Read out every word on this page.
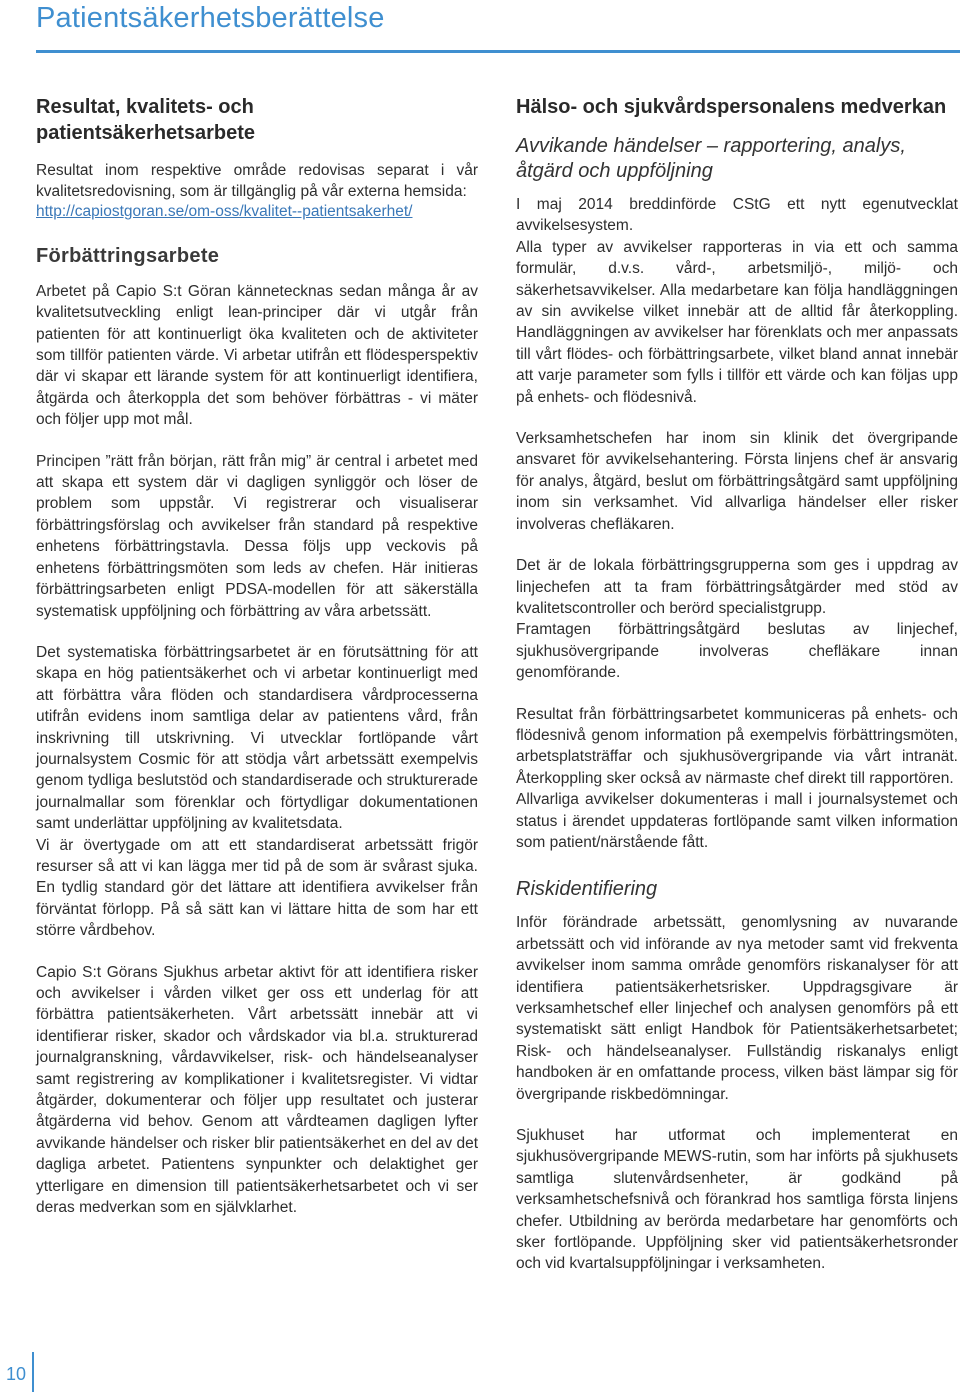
Patientsäkerhetsberättelse
Resultat, kvalitets- och patientsäkerhetsarbete

Resultat inom respektive område redovisas separat i vår kvalitetsredovisning, som är tillgänglig på vår externa hemsida:

http://capiostgoran.se/om-oss/kvalitet--patientsakerhet/
Förbättringsarbete

Arbetet på Capio S:t Göran kännetecknas sedan många år av kvalitetsutveckling enligt lean-principer där vi utgår från patienten för att kontinuerligt öka kvaliteten och de aktiviteter som tillför patienten värde. Vi arbetar utifrån ett flödesperspektiv där vi skapar ett lärande system för att kontinuerligt identifiera, åtgärda och återkoppla det som behöver förbättras - vi mäter och följer upp mot mål.

Principen ”rätt från början, rätt från mig” är central i arbetet med att skapa ett system där vi dagligen synliggör och löser de problem som uppstår. Vi registrerar och visualiserar förbättringsförslag och avvikelser från standard på respektive enhetens förbättringstavla. Dessa följs upp veckovis på enhetens förbättringsmöten som leds av chefen. Här initieras förbättringsarbeten enligt PDSA-modellen för att säkerställa systematisk uppföljning och förbättring av våra arbetssätt.

Det systematiska förbättringsarbetet är en förutsättning för att skapa en hög patientsäkerhet och vi arbetar kontinuerligt med att förbättra våra flöden och standardisera vårdprocesserna utifrån evidens inom samtliga delar av patientens vård, från inskrivning till utskrivning. Vi utvecklar fortlöpande vårt journalsystem Cosmic för att stödja vårt arbetssätt exempelvis genom tydliga beslutstöd och standardiserade och strukturerade journalmallar som förenklar och förtydligar dokumentationen samt underlättar uppföljning av kvalitetsdata.

Vi är övertygade om att ett standardiserat arbetssätt frigör resurser så att vi kan lägga mer tid på de som är svårast sjuka. En tydlig standard gör det lättare att identifiera avvikelser från förväntat förlopp. På så sätt kan vi lättare hitta de som har ett större vårdbehov.

Capio S:t Görans Sjukhus arbetar aktivt för att identifiera risker och avvikelser i vården vilket ger oss ett underlag för att förbättra patientsäkerheten. Vårt arbetssätt innebär att vi identifierar risker, skador och vårdskador via bl.a. strukturerad journalgranskning, vårdavvikelser, risk- och händelseanalyser samt registrering av komplikationer i kvalitetsregister. Vi vidtar åtgärder, dokumenterar och följer upp resultatet och justerar åtgärderna vid behov. Genom att vårdteamen dagligen lyfter avvikande händelser och risker blir patientsäkerhet en del av det dagliga arbetet. Patientens synpunkter och delaktighet ger ytterligare en dimension till patientsäkerhetsarbetet och vi ser deras medverkan som en självklarhet.

Hälso- och sjukvårdspersonalens medverkan
Avvikande händelser – rapportering, analys, åtgärd och uppföljning

I maj 2014 breddinförde CStG ett nytt egenutvecklat avvikelsesystem.

Alla typer av avvikelser rapporteras in via ett och samma formulär, d.v.s. vård-, arbetsmiljö-, miljö- och säkerhetsavvikelser. Alla medarbetare kan följa handläggningen av sin avvikelse vilket innebär att de alltid får återkoppling. Handläggningen av avvikelser har förenklats och mer anpassats till vårt flödes- och förbättringsarbete, vilket bland annat innebär att varje parameter som fylls i tillför ett värde och kan följas upp på enhets- och flödesnivå.

Verksamhetschefen har inom sin klinik det övergripande ansvaret för avvikelsehantering. Första linjens chef är ansvarig för analys, åtgärd, beslut om förbättringsåtgärd samt uppföljning inom sin verksamhet. Vid allvarliga händelser eller risker involveras chefläkaren.

Det är de lokala förbättringsgrupperna som ges i uppdrag av linjechefen att ta fram förbättringsåtgärder med stöd av kvalitetscontroller och berörd specialistgrupp.

Framtagen förbättringsåtgärd beslutas av linjechef, sjukhusövergripande involveras chefläkare innan genomförande.

Resultat från förbättringsarbetet kommuniceras på enhets- och flödesnivå genom information på exempelvis förbättringsmöten, arbetsplatsträffar och sjukhusövergripande via vårt intranät. Återkoppling sker också av närmaste chef direkt till rapportören.

Allvarliga avvikelser dokumenteras i mall i journalsystemet och status i ärendet uppdateras fortlöpande samt vilken information som patient/närstående fått.

Riskidentifiering

Inför förändrade arbetssätt, genomlysning av nuvarande arbetssätt och vid införande av nya metoder samt vid frekventa avvikelser inom samma område genomförs riskanalyser för att identifiera patientsäkerhetsrisker. Uppdragsgivare är verksamhetschef eller linjechef och analysen genomförs på ett systematiskt sätt enligt Handbok för Patientsäkerhetsarbetet; Risk- och händelseanalyser. Fullständig riskanalys enligt handboken är en omfattande process, vilken bäst lämpar sig för övergripande riskbedömningar.

Sjukhuset har utformat och implementerat en sjukhusövergripande MEWS-rutin, som har införts på sjukhusets samtliga slutenvårdsenheter, är godkänd på verksamhetschefsnivå och förankrad hos samtliga första linjens chefer. Utbildning av berörda medarbetare har genomförts och sker fortlöpande. Uppföljning sker vid patientsäkerhetsronder och vid kvartalsuppföljningar i verksamheten.

10
